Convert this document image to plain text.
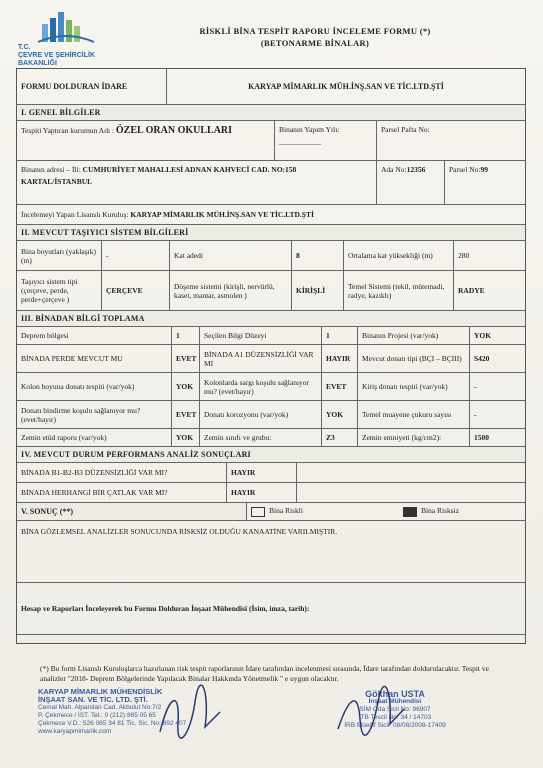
T.C.
ÇEVRE VE ŞEHİRCİLİK
BAKANLIĞI
RİSKLİ BİNA TESPİT RAPORU İNCELEME FORMU (*)
(BETONARME BİNALAR)
FORMU DOLDURAN İDARE	KARYAP MİMARLIK MÜH.İNŞ.SAN VE TİC.LTD.ŞTİ
I. GENEL BİLGİLER
Tespiti Yaptıran kurumun Adı : ÖZEL ORAN OKULLARI	Binanın Yapım Yılı:
---------------------
Parsel Pafta No:
Binanın adresi – İli: CUMHURİYET MAHALLESİ ADNAN KAHVECİ CAD. NO:158
KARTAL/İSTANBUL
Ada No:12356	Parsel No:99
İncelemeyi Yapan Lisanslı Kuruluş:
KARYAP MİMARLIK MÜH.İNŞ.SAN VE TİC.LTD.ŞTİ
II. MEVCUT TAŞIYICI SİSTEM BİLGİLERİ
Bina boyutları (yaklaşık)(m)	-	Kat adedi	8	Ortalama kat yüksekliği (m)	280
Taşıyıcı sistem tipi (çerçeve, perde, perde+çerçeve )
ÇERÇEVE	Döşeme sistemi (kirişli, nervürlü, kaset, mantar, asmolen )	KİRİŞLİ	Temel Sistemi (tekil, mütemadi, radye, kazıklı)	RADYE
III. BİNADAN BİLGİ TOPLAMA
Deprem bölgesi	1	Seçilen Bilgi Düzeyi	1	Binanın Projesi (var/yok)	YOK
BİNADA PERDE MEVCUT MU	EVET	BİNADA A1 DÜZENSİZLİĞİ VAR MI	HAYIR	Mevcut donatı tipi (BÇI – BÇIII)	S420
Kolon boyuna donatı tespiti (var/yok)	YOK	Kolonlarda sargı koşulu sağlanıyor mu? (evet/hayır)	EVET	Kiriş donatı tespiti (var/yok)	-
Donatı bindirme koşulu sağlanıyor mu? (evet/hayır)	EVET	Donatı korozyonu (var/yok)	YOK	Temel muayene çukuru sayısı	-
Zemin etüd raporu (var/yok)	YOK	Zemin sınıfı ve grubu:	Z3	Zemin emniyeti (kg/cm2):	1500
IV. MEVCUT DURUM PERFORMANS ANALİZ SONUÇLARI
BİNADA B1-B2-B3 DÜZENSİZLİĞİ VAR MI?	HAYIR
BİNADA HERHANGİ BİR ÇATLAK VAR MI?	HAYIR
V. SONUÇ (**)	Bina Riskli	Bina Risksiz
BİNA GÖZLEMSEL ANALİZLER SONUCUNDA RİSKSİZ OLDUĞU KANAATİNE VARILMIŞTIR.
Hesap ve Raporları İnceleyerek bu Formu Dolduran İnşaat Mühendisi (İsim, imza, tarih):
(*) Bu form Lisanslı Kuruluşlarca hazırlanan risk tespit raporlarının İdare tarafından incelenmesi sırasında, İdare tarafından doldurulacaktır. Tespit ve analizler "2018- Deprem Bölgelerinde Yapılacak Binalar Hakkında Yönetmelik " e uygun olacaktır.
KARYAP MİMARLIK MÜHENDİSLİK
İNŞAAT SAN. VE TİC. LTD. ŞTİ.
Cemal Mah. Alparslan Cad. Akbulut No:7/2
P. Çekmece / İST. Tel.: 0 (212) 885 05 65
Çekmece V.D.: 526 065 34 81 Tic. Sic. No: 892 407
www.karyapmimarlik.com
Gökhan USTA
İnşaat Mühendisi
SİM Oda Sicil No: 96907
İTB Tescil No: 34 / 14703
İRB Müellif Sicil: 08/08/2008-17409
